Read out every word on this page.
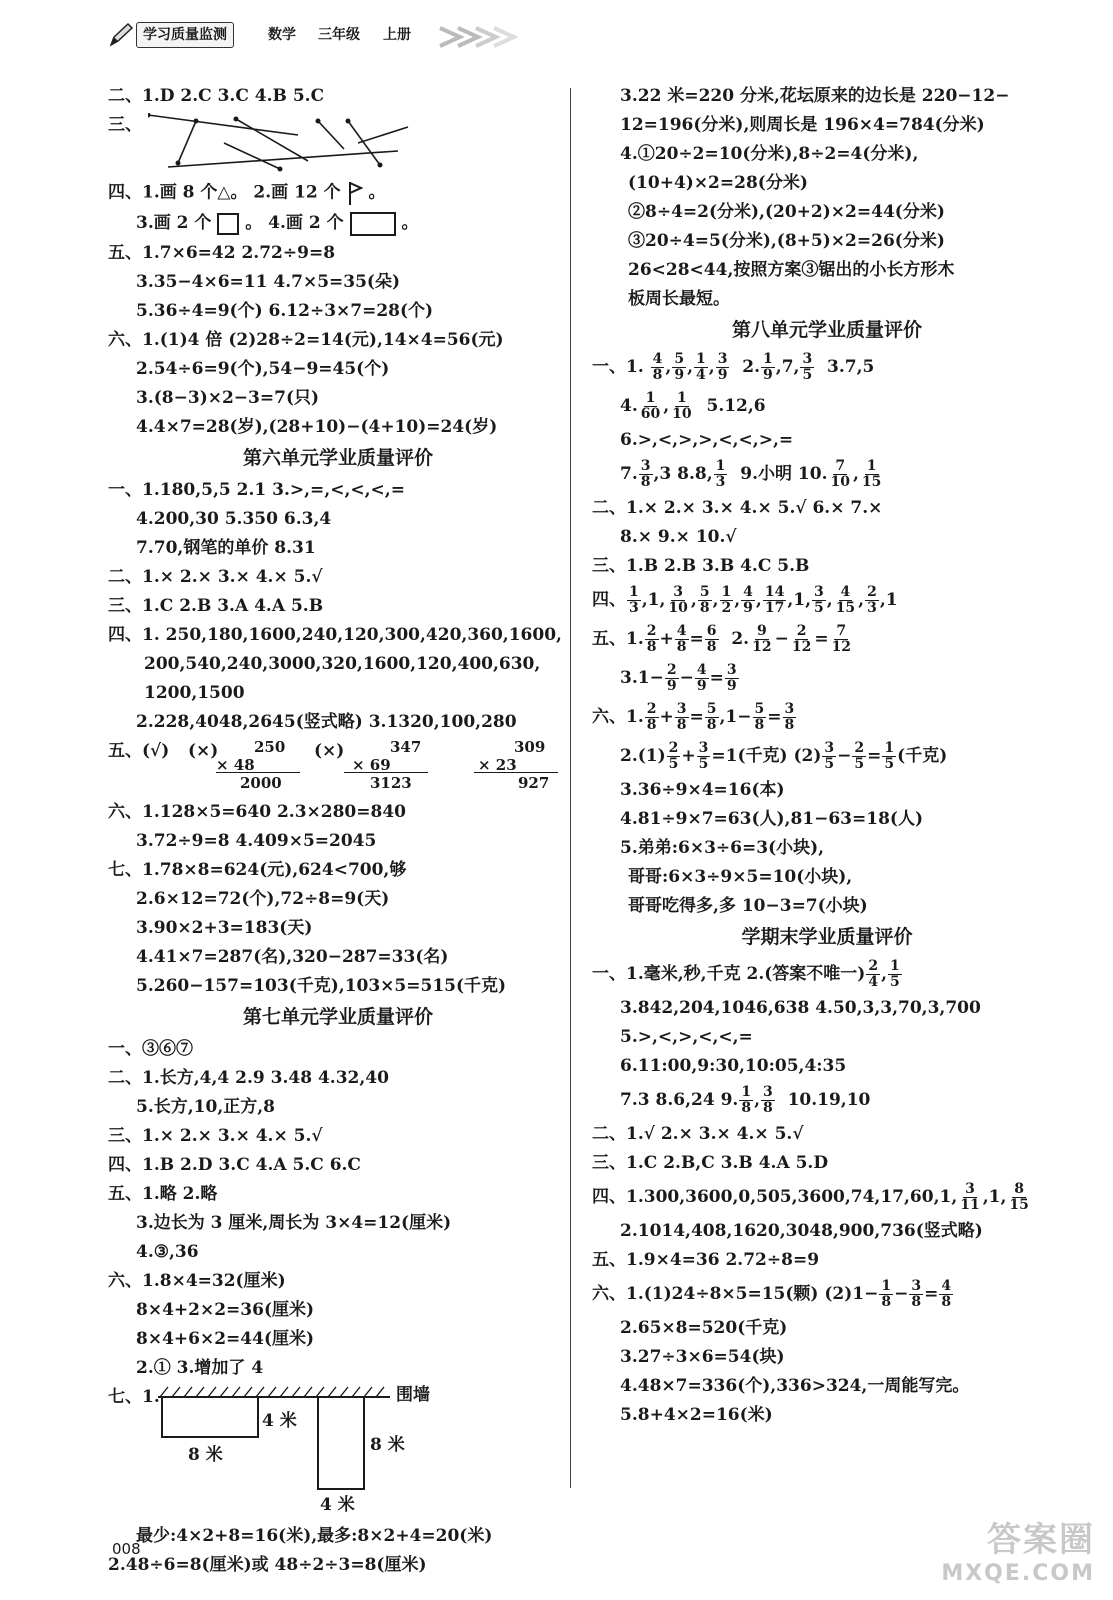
学习质量监测	数学 三年级 上册
二、1.D 2.C 3.C 4.B 5.C
三、
四、1.画 8 个△。 2.画 12 个 。
3.画 2 个 。 4.画 2 个	。
五、1.7×6=42 2.72÷9=8
3.35−4×6=11 4.7×5=35(朵)
5.36÷4=9(个) 6.12÷3×7=28(个)
六、1.(1)4 倍 (2)28÷2=14(元),14×4=56(元)
2.54÷6=9(个),54−9=45(个)
3.(8−3)×2−3=7(只)
4.4×7=28(岁),(28+10)−(4+10)=24(岁)
第六单元学业质量评价
一、1.180,5,5 2.1 3.>,=,<,<,<,=
4.200,30 5.350 6.3,4
7.70,钢笔的单价 8.31
二、1.× 2.× 3.× 4.× 5.√
三、1.C 2.B 3.A 4.A 5.B
四、1. 250,180,1600,240,120,300,420,360,1600,
200,540,240,3000,320,1600,120,400,630,
1200,1500
2.228,4048,2645(竖式略) 3.1320,100,280
五、(√) (×) 250
× 48
2000
(×)	347
× 69
3123
309
× 23
927
六、1.128×5=640 2.3×280=840
3.72÷9=8 4.409×5=2045
七、1.78×8=624(元),624<700,够
2.6×12=72(个),72÷8=9(天)
3.90×2+3=183(天)
4.41×7=287(名),320−287=33(名)
5.260−157=103(千克),103×5=515(千克)
第七单元学业质量评价
一、③⑥⑦
二、1.长方,4,4 2.9 3.48 4.32,40
5.长方,10,正方,8
三、1.× 2.× 3.× 4.× 5.√
四、1.B 2.D 3.C 4.A 5.C 6.C
五、1.略 2.略
3.边长为 3 厘米,周长为 3×4=12(厘米)
4.③,36
六、1.8×4=32(厘米)
8×4+2×2=36(厘米)
8×4+6×2=44(厘米)
2.① 3.增加了 4
七、1.	围墙
4 米
8 米	8 米
4 米
最少:4×2+8=16(米),最多:8×2+4=20(米)
2.48÷6=8(厘米)或 48÷2÷3=8(厘米)
3.22 米=220 分米,花坛原来的边长是 220−12−
12=196(分米),则周长是 196×4=784(分米)
4.①20÷2=10(分米),8÷2=4(分米),
(10+4)×2=28(分米)
②8÷4=2(分米),(20+2)×2=44(分米)
③20÷4=5(分米),(8+5)×2=26(分米)
26<28<44,按照方案③锯出的小长方形木
板周长最短。
第八单元学业质量评价
一、1. $\frac{4}{8}$ , $\frac{5}{9}$ , $\frac{1}{4}$ , $\frac{3}{9} 2$. $\frac{1}{9} ,7$, $\frac{3}{5} 3.7,5$
4. $\frac{1}{60}$ , $\frac{1}{10} 5.12,6$
6.>,<,>,>,<,<,>,=
7. $\frac{3}{8} ,3$ 8.8, $\frac{1}{3} 9$.小明 10. $\frac{7}{10}$ , $\frac{1}{15}$
二、1.× 2.× 3.× 4.× 5.√ 6.× 7.×
8.× 9.× 10.√
三、1.B 2.B 3.B 4.C 5.B
四、 $\frac{1}{3} ,1$, $\frac{3}{10}$ , $\frac{5}{8}$ , $\frac{1}{2}$ , $\frac{4}{9}$ , $\frac{14}{17} ,1$, $\frac{3}{5}$ , $\frac{4}{15}$ , $\frac{2}{3} ,1$
五、1. $\frac{2}{8} + \frac{4}{8} = \frac{6}{8} 2$. $\frac{9}{12} - \frac{2}{12} = \frac{7}{12}$
$3.1- \frac{2}{9} - \frac{4}{9} = \frac{3}{9}$
六、1. $\frac{2}{8} + \frac{3}{8} = \frac{5}{8} ,1- \frac{5}{8} = \frac{3}{8}$
$2.(1) \frac{2}{5} + \frac{3}{5} =1$(千克) $(2) \frac{3}{5} - \frac{2}{5} = \frac{1}{5}$ (千克)
3.36÷9×4=16(本)
4.81÷9×7=63(人),81−63=18(人)
5.弟弟:6×3÷6=3(小块),
哥哥:6×3÷9×5=10(小块),
哥哥吃得多,多 10−3=7(小块)
学期末学业质量评价
一、1.毫米,秒,千克 2.(答案不唯一) $\frac{2}{4}$ , $\frac{1}{5}$
3.842,204,1046,638 4.50,3,3,70,3,700
5.>,<,>,<,<,=
6.11:00,9:30,10:05,4:35
7.3 8.6,24 9. $\frac{1}{8}$ , $\frac{3}{8} 10.19,10$
二、1.√ 2.× 3.× 4.× 5.√
三、1.C 2.B,C 3.B 4.A 5.D
四、1.300,3600,0,505,3600,74,17,60,1, $\frac{3}{11} ,1$, $\frac{8}{15}$
2.1014,408,1620,3048,900,736(竖式略)
五、1.9×4=36 2.72÷8=9
六、1.(1)24÷8×5=15(颗) $(2)1- \frac{1}{8} - \frac{3}{8} = \frac{4}{8}$
2.65×8=520(千克)
3.27÷3×6=54(块)
4.48×7=336(个),336>324,一周能写完。
5.8+4×2=16(米)
008	答案圈
MXQE.COM
